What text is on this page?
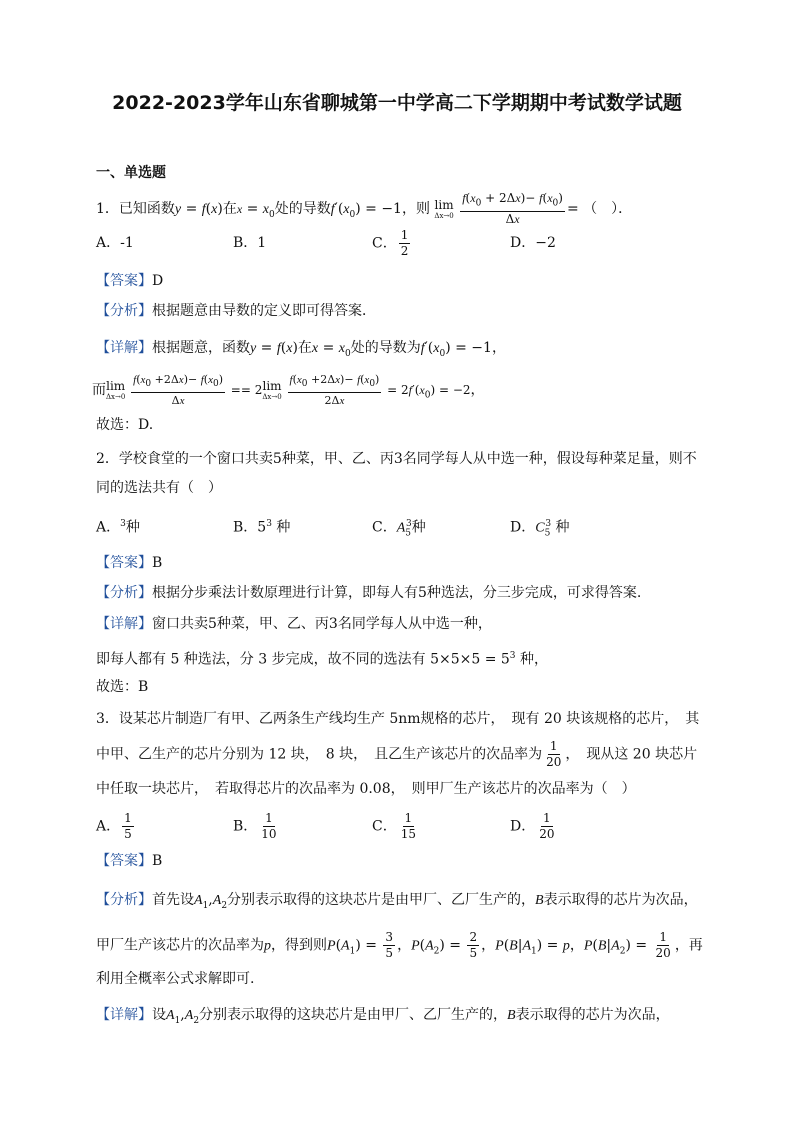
2022-2023学年山东省聊城第一中学高二下学期期中考试数学试题
一、单选题
1．已知函数y = f(x)在$x = x_0$处的导数$f'(x_0) = -1$，则 lim
Δx→0
$\frac{f(x_0 + 2\Delta x)- f(x_0)}{\Delta x}$ = （　）．
A．-1	B．1	C． $\frac{1}{2}$	D．−2
【答案】D
【分析】根据题意由导数的定义即可得答案．
【详解】根据题意，函数y = f(x)在$x = x_0$处的导数为$f'(x_0) = -1$，
而 lim
Δx→0
$\frac{f(x_0 +2\Delta x)- f(x_0)}{\Delta x} == 2$ lim
Δx→0
$\frac{f(x_0 +2\Delta x)- f(x_0)}{2\Delta x} = 2f'(x_0) = -2$，
故选：D.
2．学校食堂的一个窗口共卖5种菜，甲、乙、丙3名同学每人从中选一种，假设每种菜足量，则不
同的选法共有（　）
A．$^3$种	B．$5^3$ 种	C．$A_5^3$种	D．$C_5^3$ 种
【答案】B
【分析】根据分步乘法计数原理进行计算，即每人有5种选法，分三步完成，可求得答案.
【详解】窗口共卖5种菜，甲、乙、丙3名同学每人从中选一种，
即每人都有 5 种选法，分 3 步完成，故不同的选法有 $5\times 5\times 5 = 5^3$ 种，
故选：B
3．设某芯片制造厂有甲、乙两条生产线均生产 5nm规格的芯片，　现有 20 块该规格的芯片，　其
中甲、乙生产的芯片分别为 12 块，　8 块，　且乙生产该芯片的次品率为 $\frac{1}{20}$ ，　现从这 20 块芯片
中任取一块芯片，　若取得芯片的次品率为 0.08，　则甲厂生产该芯片的次品率为（　）
A． $\frac{1}{5}$	B． $\frac{1}{10}$	C． $\frac{1}{15}$	D． $\frac{1}{20}$
【答案】B
【分析】首先设$A_1,A_2$分别表示取得的这块芯片是由甲厂、乙厂生产的，B表示取得的芯片为次品，
甲厂生产该芯片的次品率为p，得到则$P(A_1) = \frac{3}{5}$ ，$P(A_2) = \frac{2}{5}$ ，$P(B|A_1) = p$，$P(B|A_2) = \frac{1}{20}$ ，再
利用全概率公式求解即可.
【详解】设$A_1,A_2$分别表示取得的这块芯片是由甲厂、乙厂生产的，B表示取得的芯片为次品，
